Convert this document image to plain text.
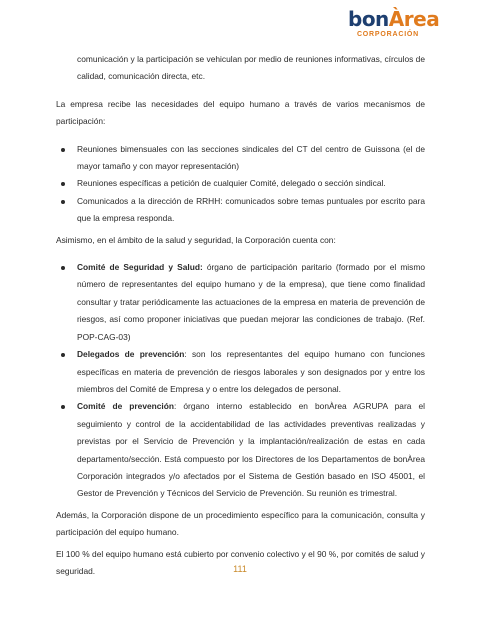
bonÀrea
CORPORACIÓN

comunicación y la participación se vehiculan por medio de reuniones informativas, círculos de calidad, comunicación directa, etc.

La empresa recibe las necesidades del equipo humano a través de varios mecanismos de participación:

Reuniones bimensuales con las secciones sindicales del CT del centro de Guissona (el de mayor tamaño y con mayor representación)
Reuniones específicas a petición de cualquier Comité, delegado o sección sindical.
Comunicados a la dirección de RRHH: comunicados sobre temas puntuales por escrito para que la empresa responda.

Asimismo, en el ámbito de la salud y seguridad, la Corporación cuenta con:

Comité de Seguridad y Salud: órgano de participación paritario (formado por el mismo número de representantes del equipo humano y de la empresa), que tiene como finalidad consultar y tratar periódicamente las actuaciones de la empresa en materia de prevención de riesgos, así como proponer iniciativas que puedan mejorar las condiciones de trabajo. (Ref. POP-CAG-03)
Delegados de prevención: son los representantes del equipo humano con funciones específicas en materia de prevención de riesgos laborales y son designados por y entre los miembros del Comité de Empresa y o entre los delegados de personal.
Comité de prevención: órgano interno establecido en bonÀrea AGRUPA para el seguimiento y control de la accidentabilidad de las actividades preventivas realizadas y previstas por el Servicio de Prevención y la implantación/realización de estas en cada departamento/sección. Está compuesto por los Directores de los Departamentos de bonÀrea Corporación integrados y/o afectados por el Sistema de Gestión basado en ISO 45001, el Gestor de Prevención y Técnicos del Servicio de Prevención. Su reunión es trimestral.

Además, la Corporación dispone de un procedimiento específico para la comunicación, consulta y participación del equipo humano.

El 100 % del equipo humano está cubierto por convenio colectivo y el 90 %, por comités de salud y seguridad.	111
